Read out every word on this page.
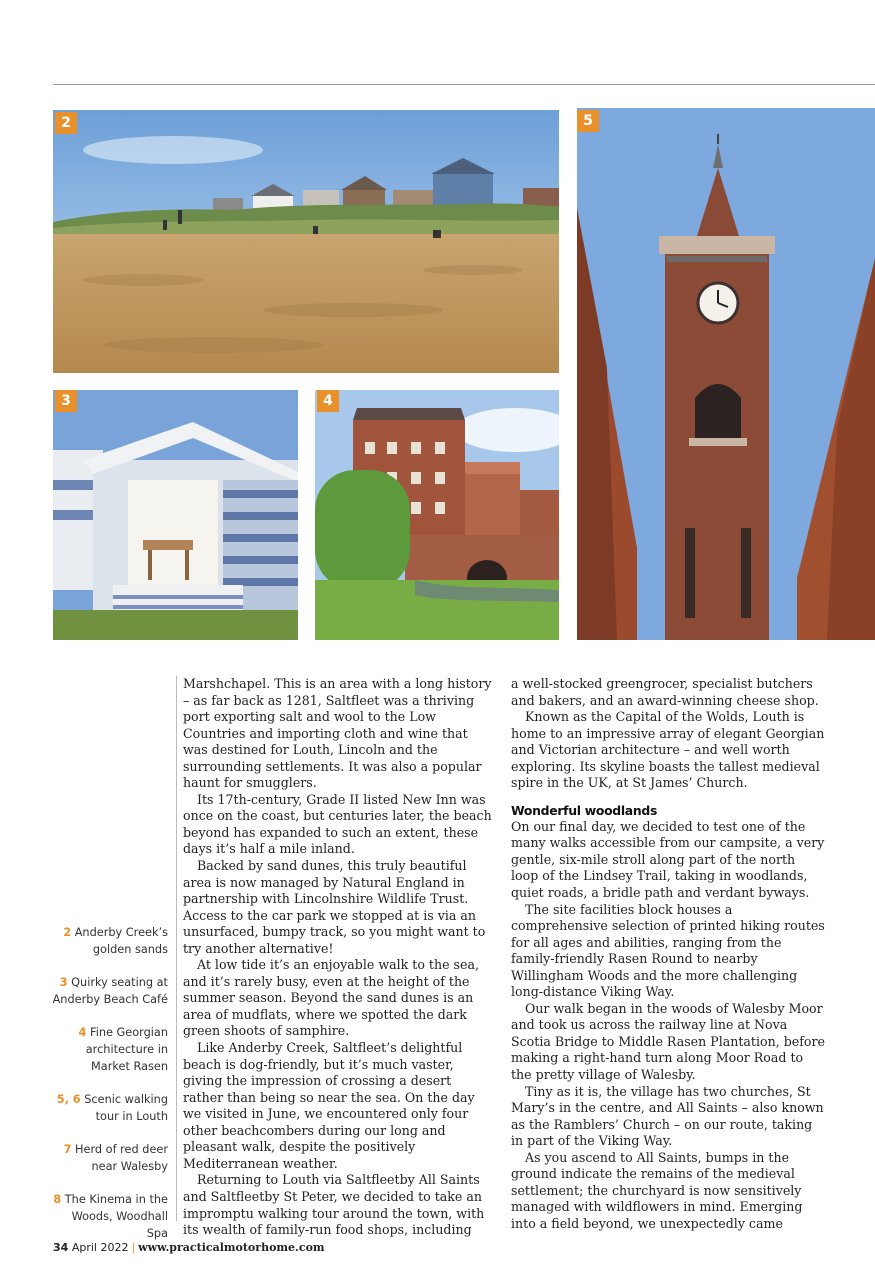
2
3	4
5

2 Anderby Creek’s golden sands

3 Quirky seating at Anderby Beach Café

4 Fine Georgian architecture in Market Rasen

5, 6 Scenic walking tour in Louth

7 Herd of red deer near Walesby

8 The Kinema in the Woods, Woodhall Spa

Marshchapel. This is an area with a long history – as far back as 1281, Saltfleet was a thriving port exporting salt and wool to the Low Countries and importing cloth and wine that was destined for Louth, Lincoln and the surrounding settlements. It was also a popular haunt for smugglers.

Its 17th-century, Grade II listed New Inn was once on the coast, but centuries later, the beach beyond has expanded to such an extent, these days it’s half a mile inland.

Backed by sand dunes, this truly beautiful area is now managed by Natural England in partnership with Lincolnshire Wildlife Trust. Access to the car park we stopped at is via an unsurfaced, bumpy track, so you might want to try another alternative!

At low tide it’s an enjoyable walk to the sea, and it’s rarely busy, even at the height of the summer season. Beyond the sand dunes is an area of mudflats, where we spotted the dark green shoots of samphire.

Like Anderby Creek, Saltfleet’s delightful beach is dog-friendly, but it’s much vaster, giving the impression of crossing a desert rather than being so near the sea. On the day we visited in June, we encountered only four other beachcombers during our long and pleasant walk, despite the positively Mediterranean weather.

Returning to Louth via Saltfleetby All Saints and Saltfleetby St Peter, we decided to take an impromptu walking tour around the town, with its wealth of family-run food shops, including

a well-stocked greengrocer, specialist butchers and bakers, and an award-winning cheese shop.

Known as the Capital of the Wolds, Louth is home to an impressive array of elegant Georgian and Victorian architecture – and well worth exploring. Its skyline boasts the tallest medieval spire in the UK, at St James’ Church.

Wonderful woodlands

On our final day, we decided to test one of the many walks accessible from our campsite, a very gentle, six-mile stroll along part of the north loop of the Lindsey Trail, taking in woodlands, quiet roads, a bridle path and verdant byways.

The site facilities block houses a comprehensive selection of printed hiking routes for all ages and abilities, ranging from the family-friendly Rasen Round to nearby Willingham Woods and the more challenging long-distance Viking Way.

Our walk began in the woods of Walesby Moor and took us across the railway line at Nova Scotia Bridge to Middle Rasen Plantation, before making a right-hand turn along Moor Road to the pretty village of Walesby.

Tiny as it is, the village has two churches, St Mary’s in the centre, and All Saints – also known as the Ramblers’ Church – on our route, taking in part of the Viking Way.

As you ascend to All Saints, bumps in the ground indicate the remains of the medieval settlement; the churchyard is now sensitively managed with wildflowers in mind. Emerging into a field beyond, we unexpectedly came

34 April 2022 | www.practicalmotorhome.com
